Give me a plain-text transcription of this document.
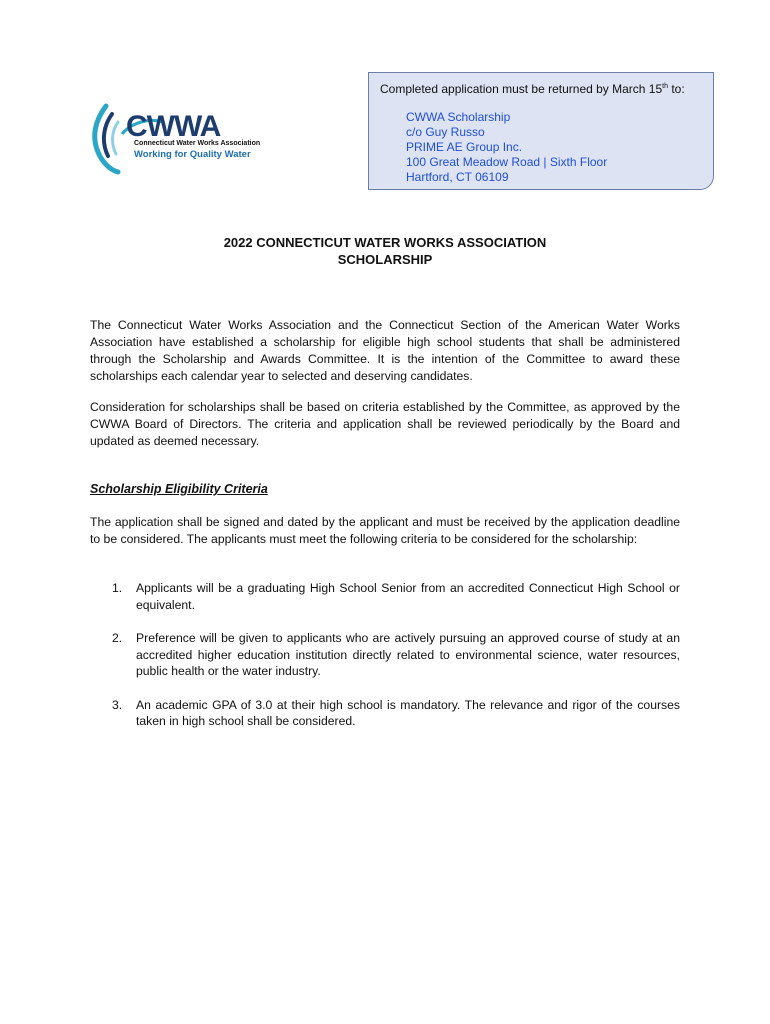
CWWA
Connecticut Water Works Association
Working for Quality Water
Completed application must be returned by March 15th to:
CWWA Scholarship
c/o Guy Russo
PRIME AE Group Inc.
100 Great Meadow Road | Sixth Floor
Hartford, CT 06109
2022 CONNECTICUT WATER WORKS ASSOCIATION
SCHOLARSHIP
The Connecticut Water Works Association and the Connecticut Section of the American Water Works Association have established a scholarship for eligible high school students that shall be administered through the Scholarship and Awards Committee. It is the intention of the Committee to award these scholarships each calendar year to selected and deserving candidates.
Consideration for scholarships shall be based on criteria established by the Committee, as approved by the CWWA Board of Directors. The criteria and application shall be reviewed periodically by the Board and updated as deemed necessary.
Scholarship Eligibility Criteria
The application shall be signed and dated by the applicant and must be received by the application deadline to be considered. The applicants must meet the following criteria to be considered for the scholarship:
1. Applicants will be a graduating High School Senior from an accredited Connecticut High School or equivalent.
2. Preference will be given to applicants who are actively pursuing an approved course of study at an accredited higher education institution directly related to environmental science, water resources, public health or the water industry.
3. An academic GPA of 3.0 at their high school is mandatory. The relevance and rigor of the courses taken in high school shall be considered.
